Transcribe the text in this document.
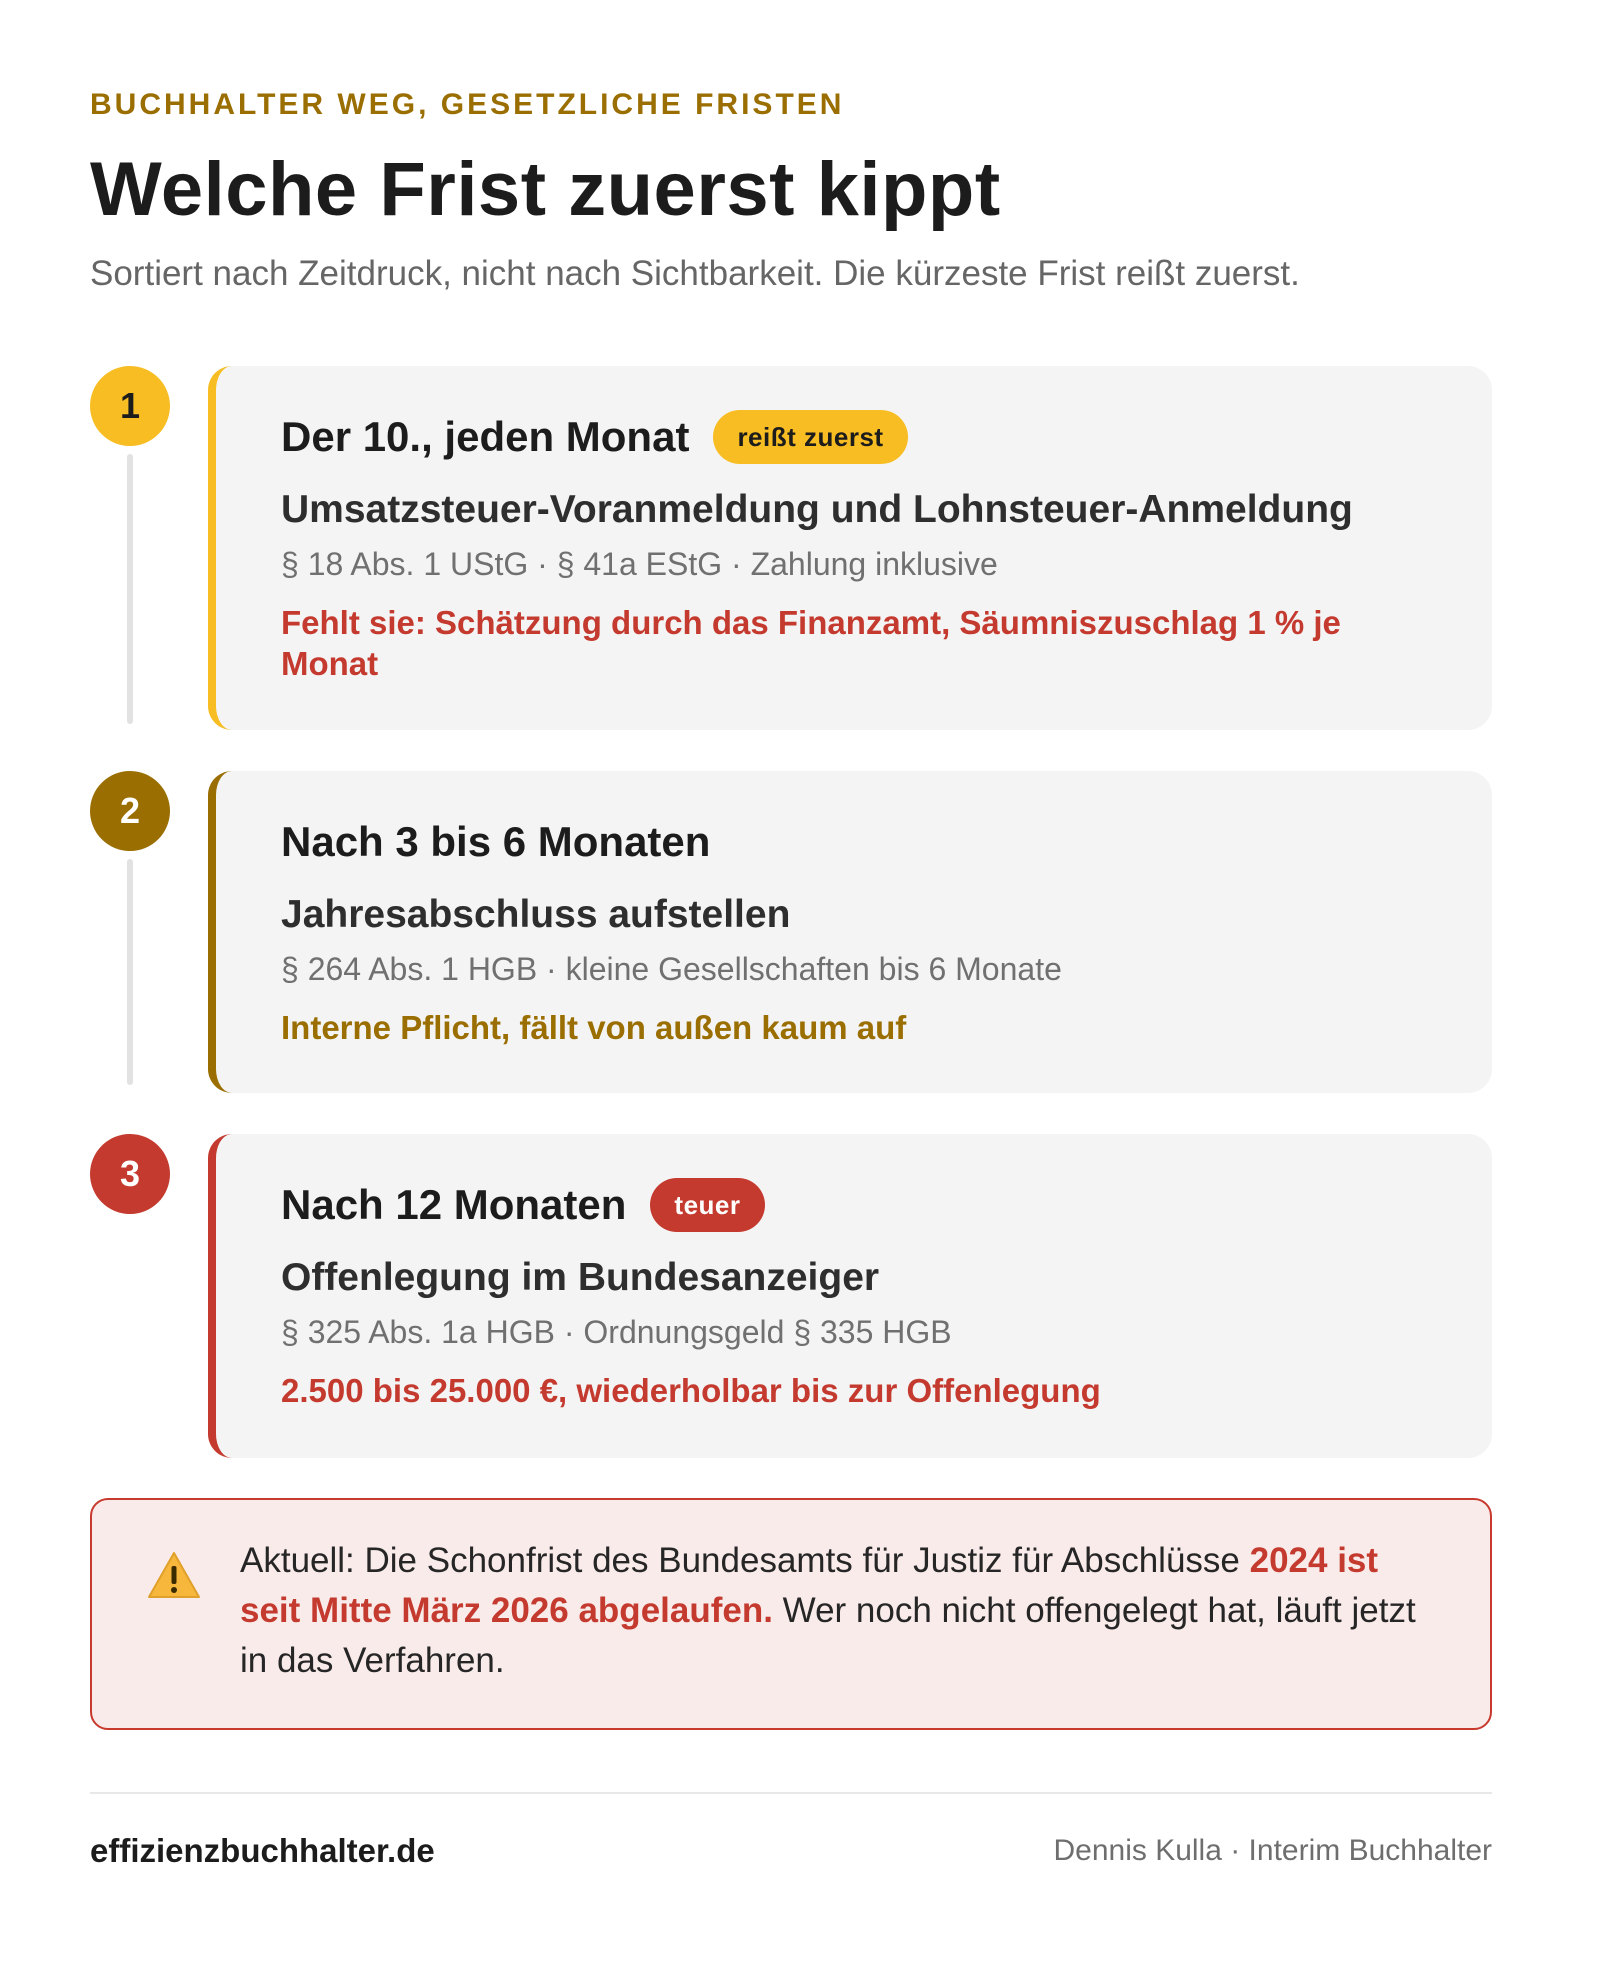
BUCHHALTER WEG, GESETZLICHE FRISTEN
Welche Frist zuerst kippt
Sortiert nach Zeitdruck, nicht nach Sichtbarkeit. Die kürzeste Frist reißt zuerst.
1
Der 10., jeden Monat	reißt zuerst
Umsatzsteuer-Voranmeldung und Lohnsteuer-Anmeldung
§ 18 Abs. 1 UStG · § 41a EStG · Zahlung inklusive
Fehlt sie: Schätzung durch das Finanzamt, Säumniszuschlag 1 % je Monat
2
Nach 3 bis 6 Monaten
Jahresabschluss aufstellen
§ 264 Abs. 1 HGB · kleine Gesellschaften bis 6 Monate
Interne Pflicht, fällt von außen kaum auf
3
Nach 12 Monaten	teuer
Offenlegung im Bundesanzeiger
§ 325 Abs. 1a HGB · Ordnungsgeld § 335 HGB
2.500 bis 25.000 €, wiederholbar bis zur Offenlegung
Aktuell: Die Schonfrist des Bundesamts für Justiz für Abschlüsse 2024 ist seit Mitte März 2026 abgelaufen. Wer noch nicht offengelegt hat, läuft jetzt in das Verfahren.
effizienzbuchhalter.de	Dennis Kulla · Interim Buchhalter
